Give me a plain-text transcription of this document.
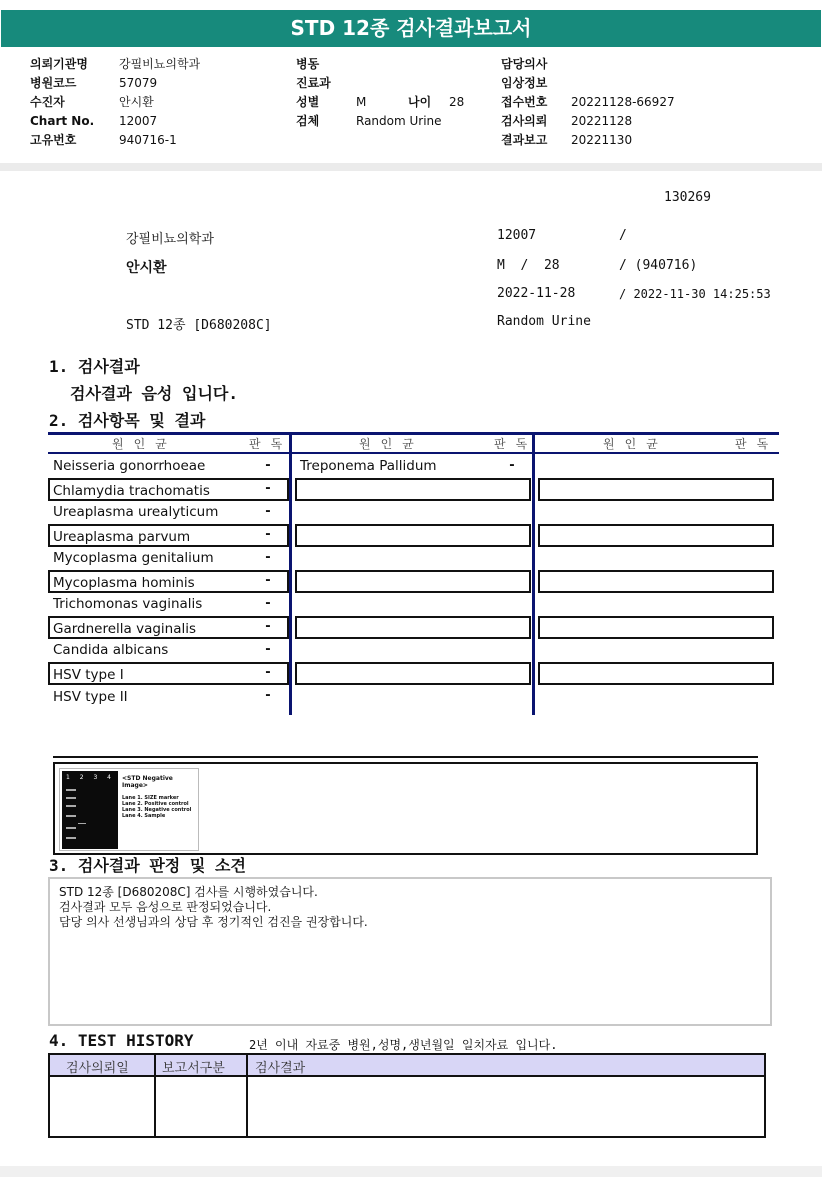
STD 12종 검사결과보고서
의뢰기관명	강필비뇨의학과
병원코드	57079
수진자	안시환
Chart No. 12007
고유번호	940716-1
병동
진료과
성별	M	나이 28
검체	Random Urine
담당의사
임상정보
접수번호 20221128-66927
검사의뢰 20221128
결과보고 20221130
130269
강필비뇨의학과	12007	/
안시환	M  /  28	/ (940716)
2022-11-28	/ 2022-11-30 14:25:53
STD 12종 [D680208C]	Random Urine
1. 검사결과
검사결과 음성 입니다.
2. 검사항목 및 결과
원인균	판독	원인균	판독	원인균	판독
Neisseria gonorrhoeae	-
Chlamydia trachomatis	-
Ureaplasma urealyticum	-
Ureaplasma parvum	-
Mycoplasma genitalium	-
Mycoplasma hominis	-
Trichomonas vaginalis	-
Gardnerella vaginalis	-
Candida albicans	-
HSV type I	-
HSV type II	-
Treponema Pallidum	-
1 2 3 4 <STD Negative Image>
Lane 1. SIZE marker
Lane 2. Positive control
Lane 3. Negative control
Lane 4. Sample
3. 검사결과 판정 및 소견
STD 12종 [D680208C] 검사를 시행하였습니다.
검사결과 모두 음성으로 판정되었습니다.
담당 의사 선생님과의 상담 후 정기적인 검진을 권장합니다.
4. TEST HISTORY	2년 이내 자료중 병원,성명,생년월일 일치자료 입니다.
검사의뢰일	보고서구분 검사결과
